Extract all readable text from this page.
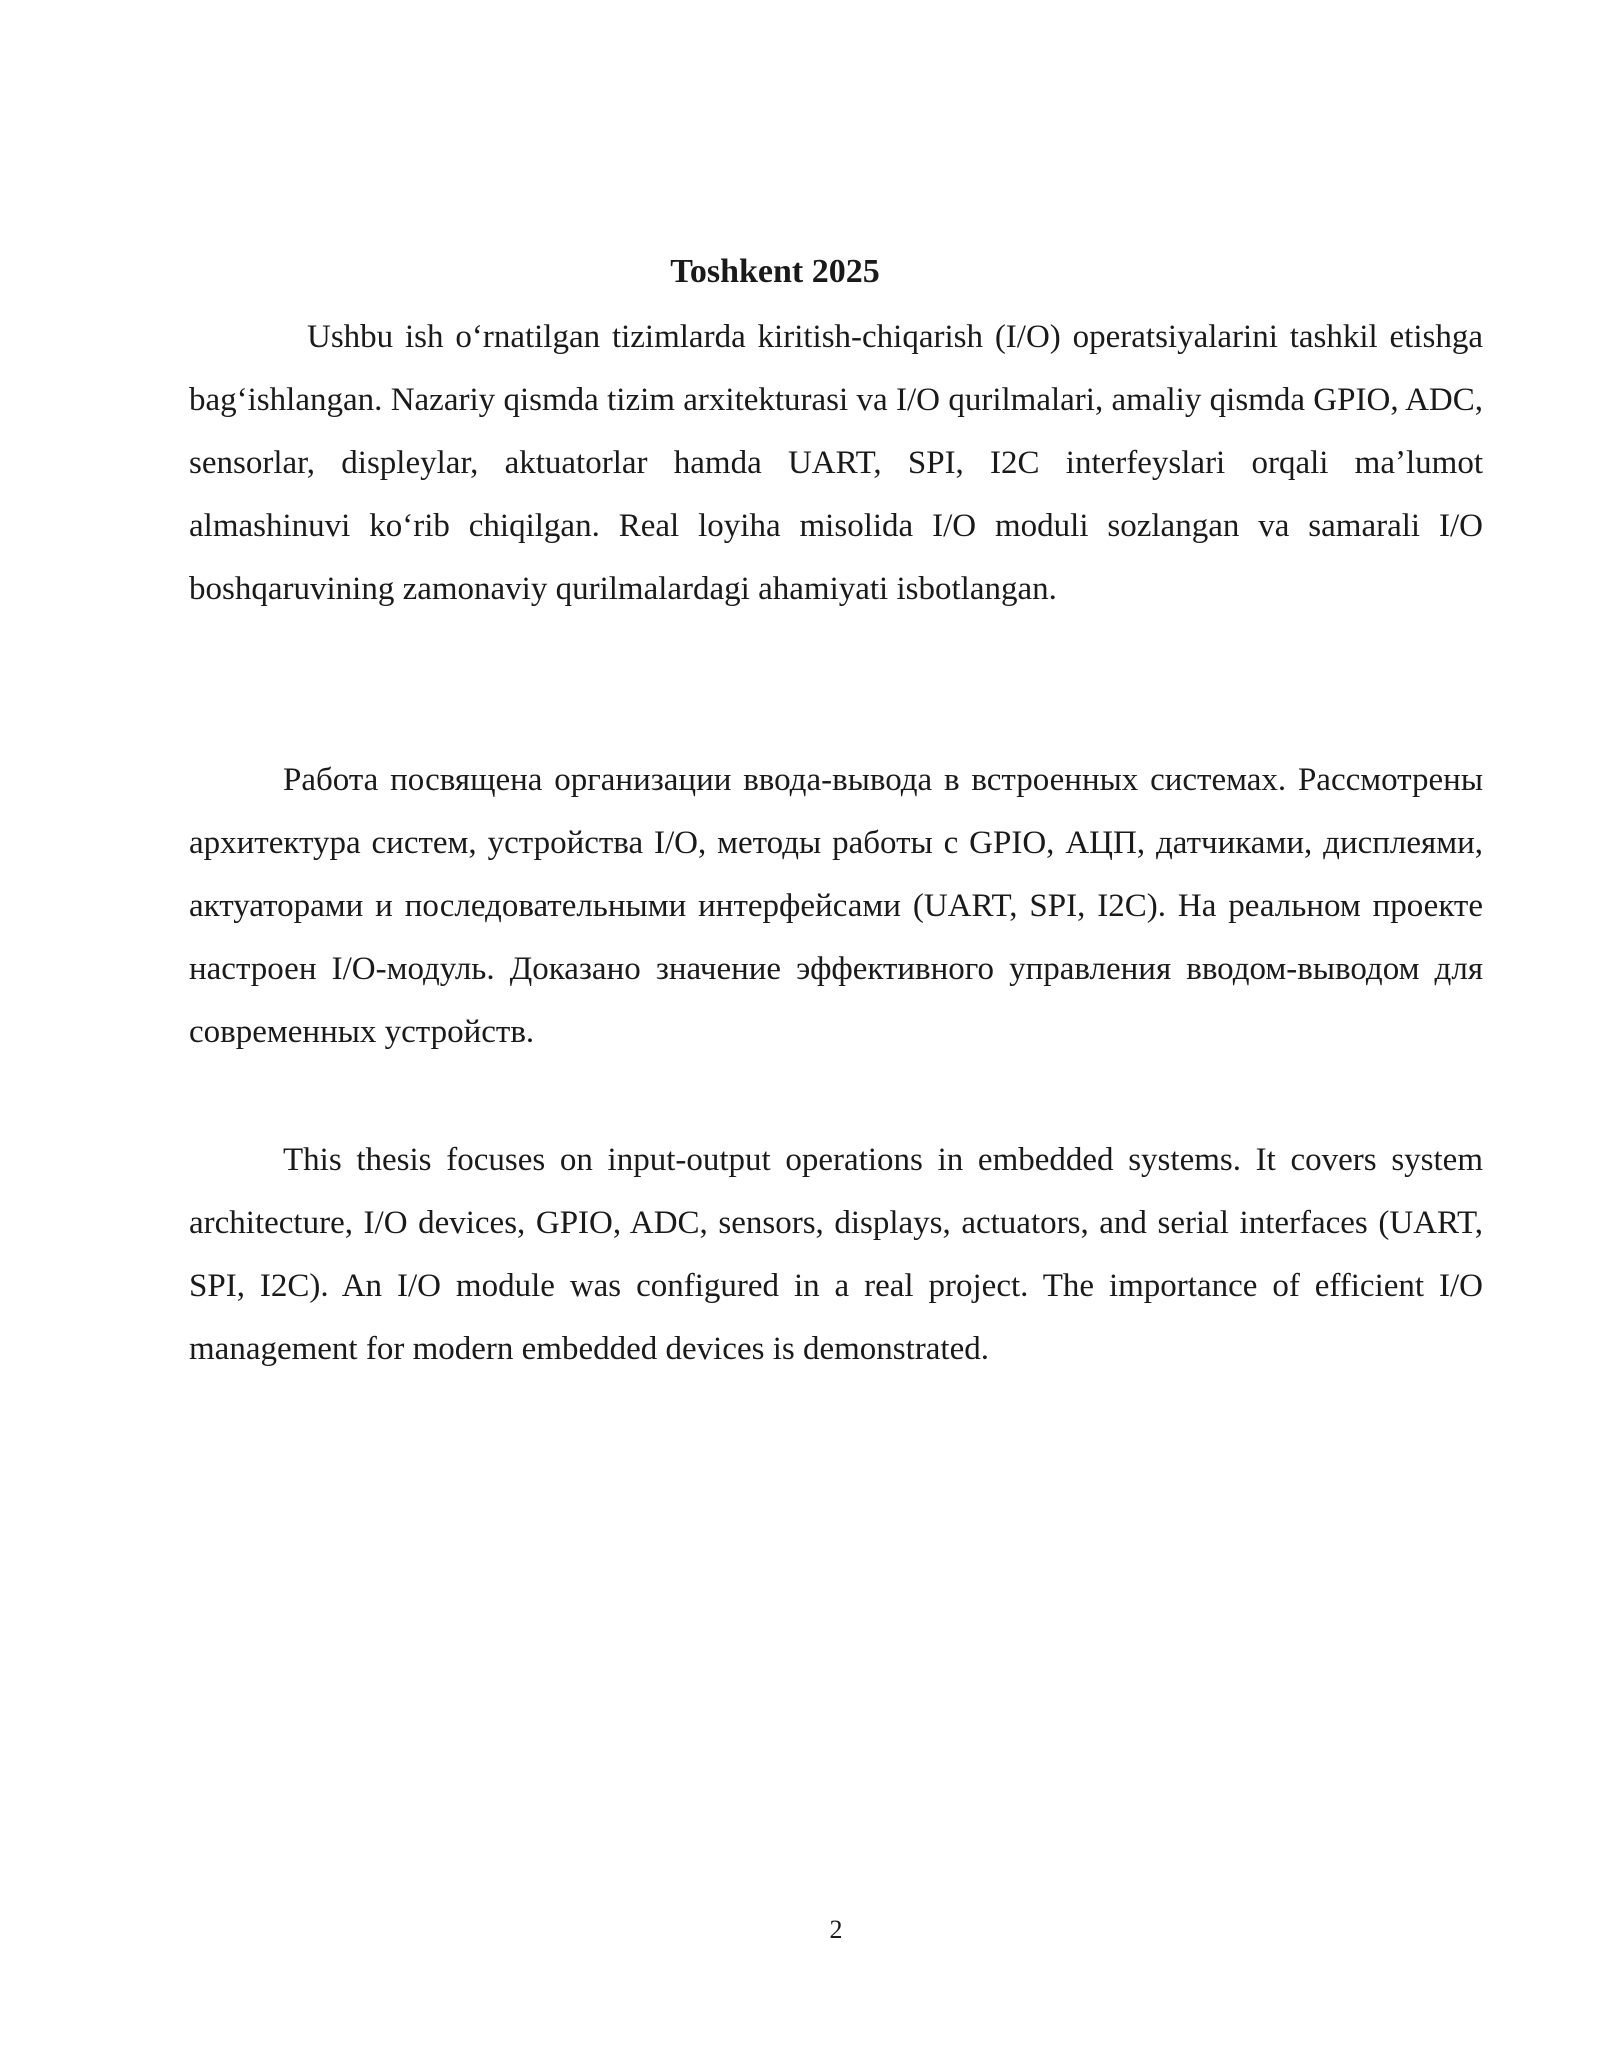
Toshkent 2025

Ushbu ish oʻrnatilgan tizimlarda kiritish-chiqarish (I/O) operatsiyalarini tashkil etishga bagʻishlangan. Nazariy qismda tizim arxitekturasi va I/O qurilmalari, amaliy qismda GPIO, ADC, sensorlar, displeylar, aktuatorlar hamda UART, SPI, I2C interfeyslari orqali maʼlumot almashinuvi koʻrib chiqilgan. Real loyiha misolida I/O moduli sozlangan va samarali I/O boshqaruvining zamonaviy qurilmalardagi ahamiyati isbotlangan.

Работа посвящена организации ввода-вывода в встроенных системах. Рассмотрены архитектура систем, устройства I/O, методы работы с GPIO, АЦП, датчиками, дисплеями, актуаторами и последовательными интерфейсами (UART, SPI, I2C). На реальном проекте настроен I/O-модуль. Доказано значение эффективного управления вводом-выводом для современных устройств.

This thesis focuses on input-output operations in embedded systems. It covers system architecture, I/O devices, GPIO, ADC, sensors, displays, actuators, and serial interfaces (UART, SPI, I2C). An I/O module was configured in a real project. The importance of efficient I/O management for modern embedded devices is demonstrated.

2
